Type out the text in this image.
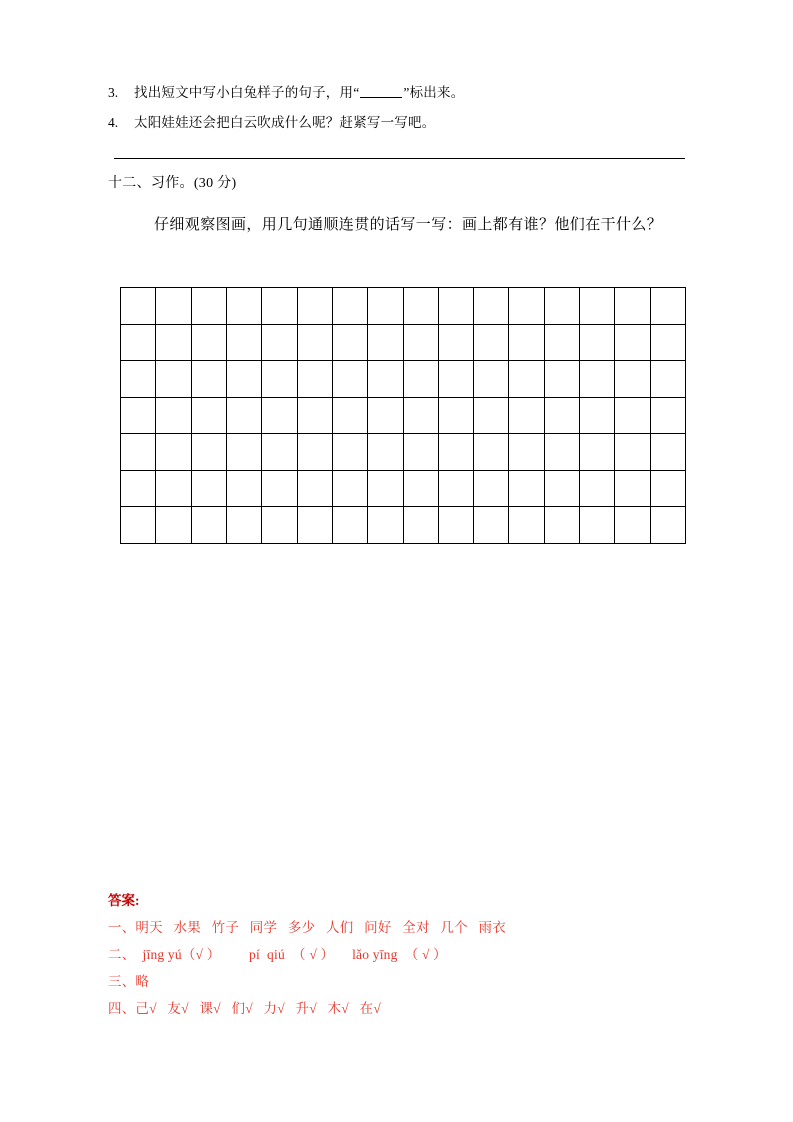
3.	找出短文中写小白兔样子的句子，用“	”标出来。
4.	太阳娃娃还会把白云吹成什么呢？赶紧写一写吧。
十二、习作。(30 分)
仔细观察图画，用几句通顺连贯的话写一写：画上都有谁？他们在干什么？

答案:
一、明天   水果   竹子   同学   多少   人们   问好   全对   几个   雨衣
二、  jīng yú（√ ）        pí  qiú  （ √ ）     lǎo yīng  （ √ ）
三、略
四、己√   友√   课√   们√   力√   升√   木√   在√
